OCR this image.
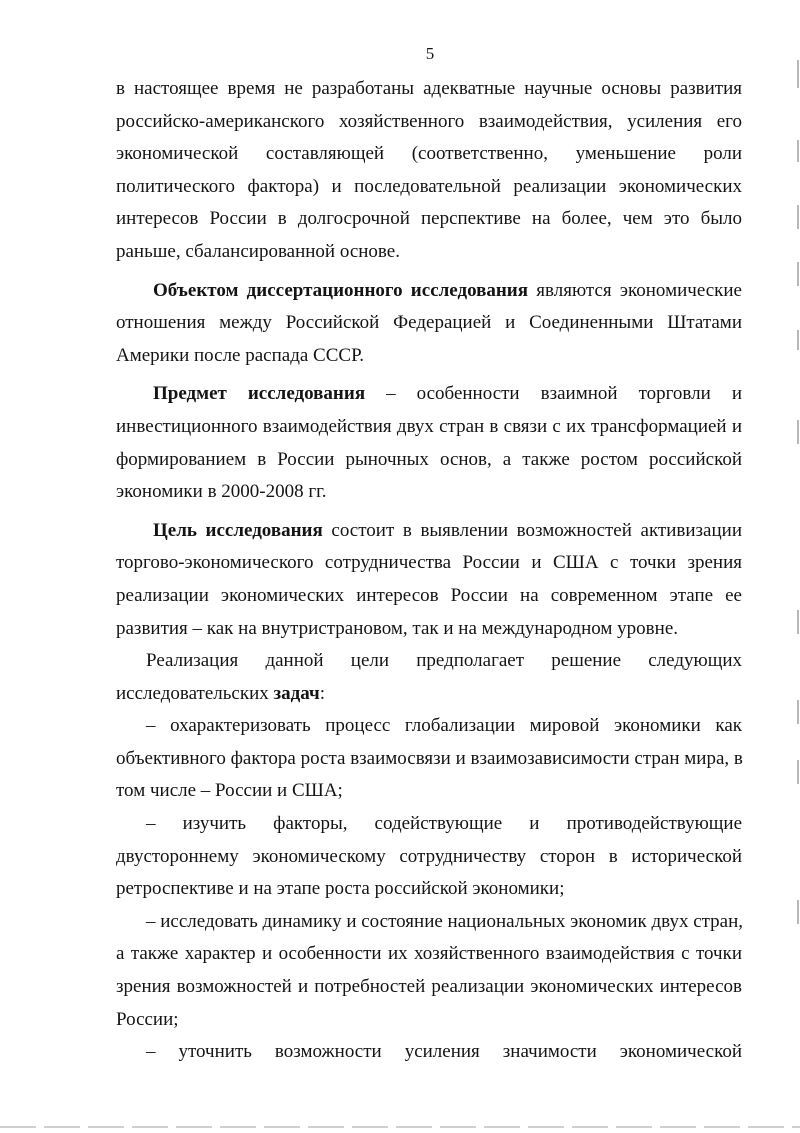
5

в настоящее время не разработаны адекватные научные основы развития
российско-американского хозяйственного взаимодействия, усиления его
экономической составляющей (соответственно, уменьшение роли
политического фактора) и последовательной реализации экономических
интересов России в долгосрочной перспективе на более, чем это было
раньше, сбалансированной основе.

Объектом диссертационного исследования являются экономические
отношения между Российской Федерацией и Соединенными Штатами
Америки после распада СССР.

Предмет исследования – особенности взаимной торговли и
инвестиционного взаимодействия двух стран в связи с их трансформацией и
формированием в России рыночных основ, а также ростом российской
экономики в 2000-2008 гг.

Цель исследования состоит в выявлении возможностей активизации
торгово-экономического сотрудничества России и США с точки зрения
реализации экономических интересов России на современном этапе ее
развития – как на внутристрановом, так и на международном уровне.

Реализация данной цели предполагает решение следующих
исследовательских задач:

– охарактеризовать процесс глобализации мировой экономики как
объективного фактора роста взаимосвязи и взаимозависимости стран мира, в
том числе – России и США;

– изучить факторы, содействующие и противодействующие
двустороннему экономическому сотрудничеству сторон в исторической
ретроспективе и на этапе роста российской экономики;

– исследовать динамику и состояние национальных экономик двух стран,
а также характер и особенности их хозяйственного взаимодействия с точки
зрения возможностей и потребностей реализации экономических интересов
России;

– уточнить возможности усиления значимости экономической
